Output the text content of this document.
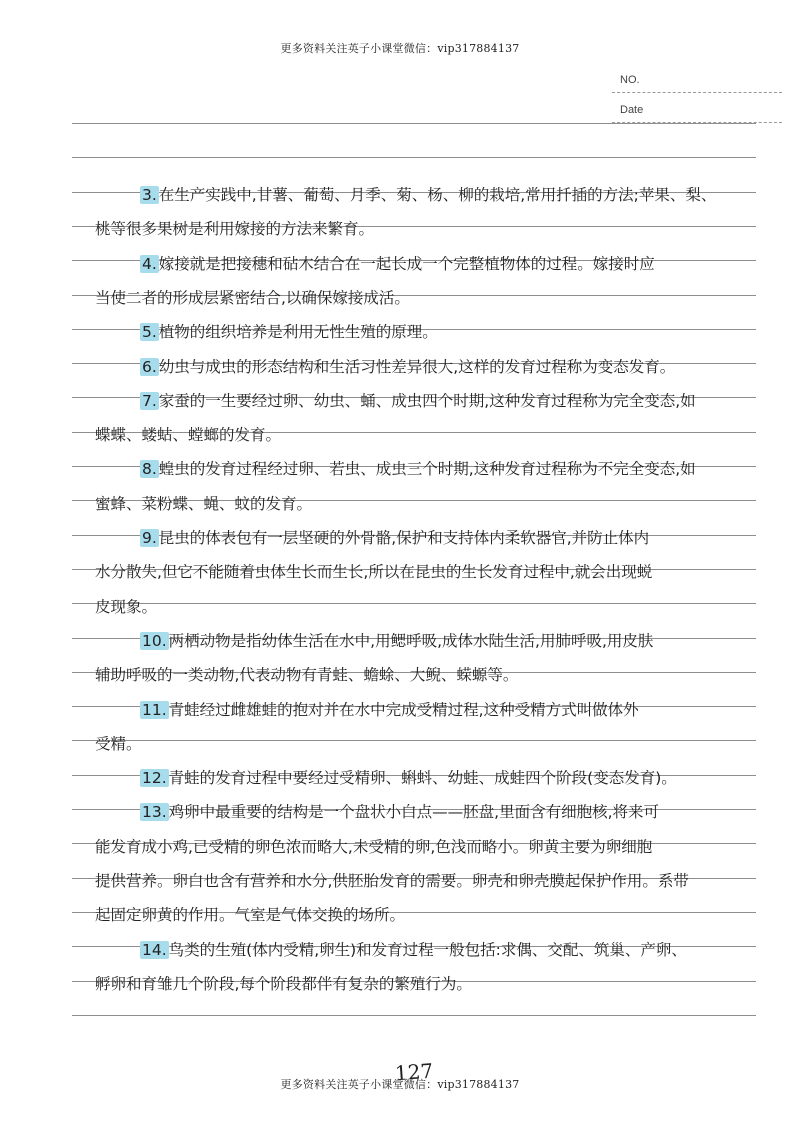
更多资料关注英子小课堂微信：vip317884137
NO.
Date
3. 在生产实践中,甘薯、葡萄、月季、菊、杨、柳的栽培,常用扦插的方法;苹果、梨、
桃等很多果树是利用嫁接的方法来繁育。
4. 嫁接就是把接穗和砧木结合在一起长成一个完整植物体的过程。嫁接时应
当使二者的形成层紧密结合,以确保嫁接成活。
5. 植物的组织培养是利用无性生殖的原理。
6. 幼虫与成虫的形态结构和生活习性差异很大,这样的发育过程称为变态发育。
7. 家蚕的一生要经过卵、幼虫、蛹、成虫四个时期,这种发育过程称为完全变态,如
蝶蝶、蝼蛄、螳螂的发育。
8. 蝗虫的发育过程经过卵、若虫、成虫三个时期,这种发育过程称为不完全变态,如
蜜蜂、菜粉蝶、蝇、蚊的发育。
9. 昆虫的体表包有一层坚硬的外骨骼,保护和支持体内柔软器官,并防止体内
水分散失,但它不能随着虫体生长而生长,所以在昆虫的生长发育过程中,就会出现蜕
皮现象。
10. 两栖动物是指幼体生活在水中,用鳃呼吸,成体水陆生活,用肺呼吸,用皮肤
辅助呼吸的一类动物,代表动物有青蛙、蟾蜍、大鲵、蝾螈等。
11. 青蛙经过雌雄蛙的抱对并在水中完成受精过程,这种受精方式叫做体外
受精。
12. 青蛙的发育过程中要经过受精卵、蝌蚪、幼蛙、成蛙四个阶段(变态发育)。
13. 鸡卵中最重要的结构是一个盘状小白点——胚盘,里面含有细胞核,将来可
能发育成小鸡,已受精的卵色浓而略大,未受精的卵,色浅而略小。卵黄主要为卵细胞
提供营养。卵白也含有营养和水分,供胚胎发育的需要。卵壳和卵壳膜起保护作用。系带
起固定卵黄的作用。气室是气体交换的场所。
14. 鸟类的生殖(体内受精,卵生)和发育过程一般包括:求偶、交配、筑巢、产卵、
孵卵和育雏几个阶段,每个阶段都伴有复杂的繁殖行为。
127
更多资料关注英子小课堂微信：vip317884137
